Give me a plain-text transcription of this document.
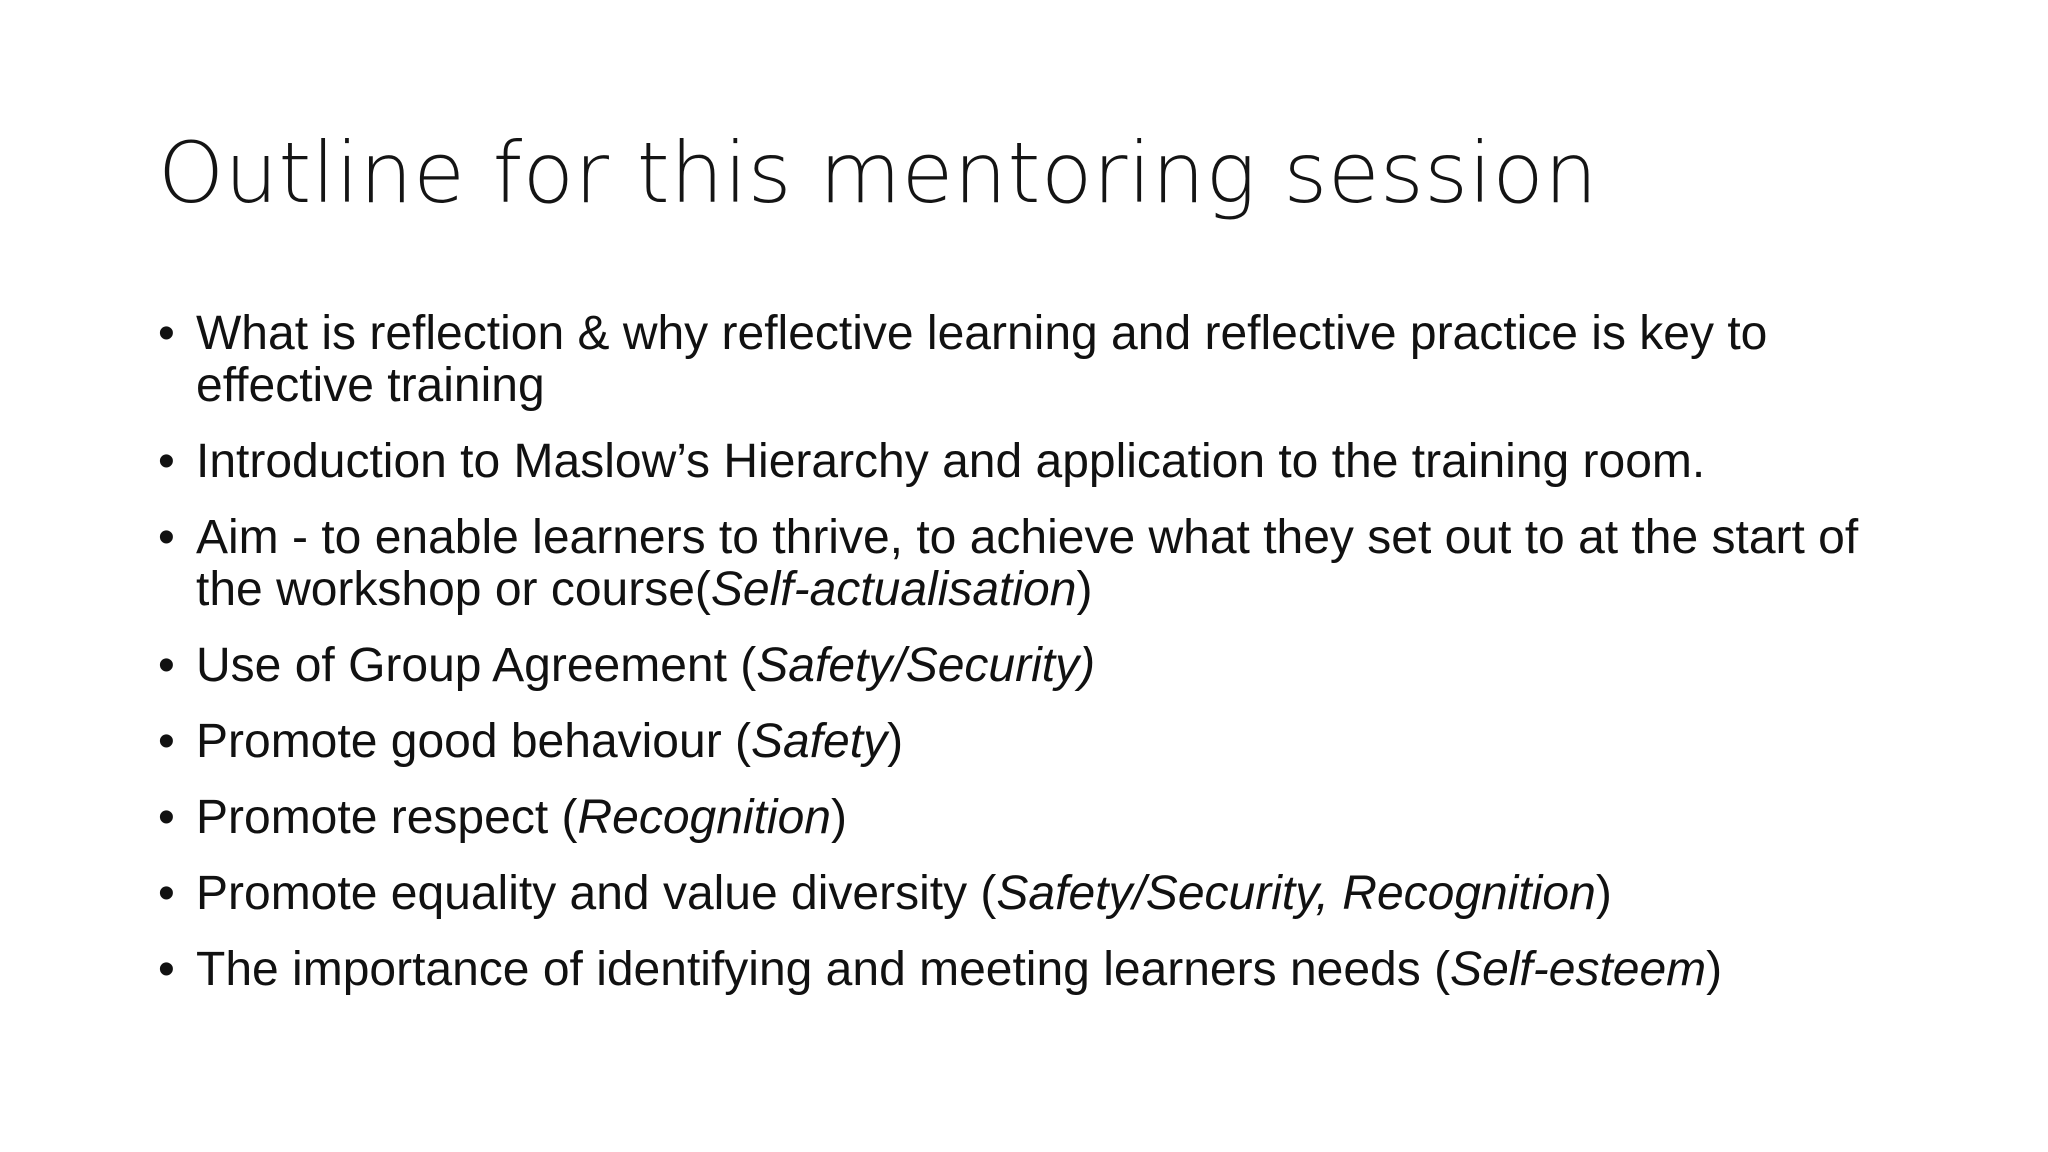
Outline for this mentoring session
• What is reflection & why reflective learning and reflective practice is key to effective training
• Introduction to Maslow’s Hierarchy and application to the training room.
• Aim - to enable learners to thrive, to achieve what they set out to at the start of the workshop or course(Self-actualisation)
• Use of Group Agreement (Safety/Security)
• Promote good behaviour (Safety)
• Promote respect (Recognition)
• Promote equality and value diversity (Safety/Security, Recognition)
• The importance of identifying and meeting learners needs (Self-esteem)
